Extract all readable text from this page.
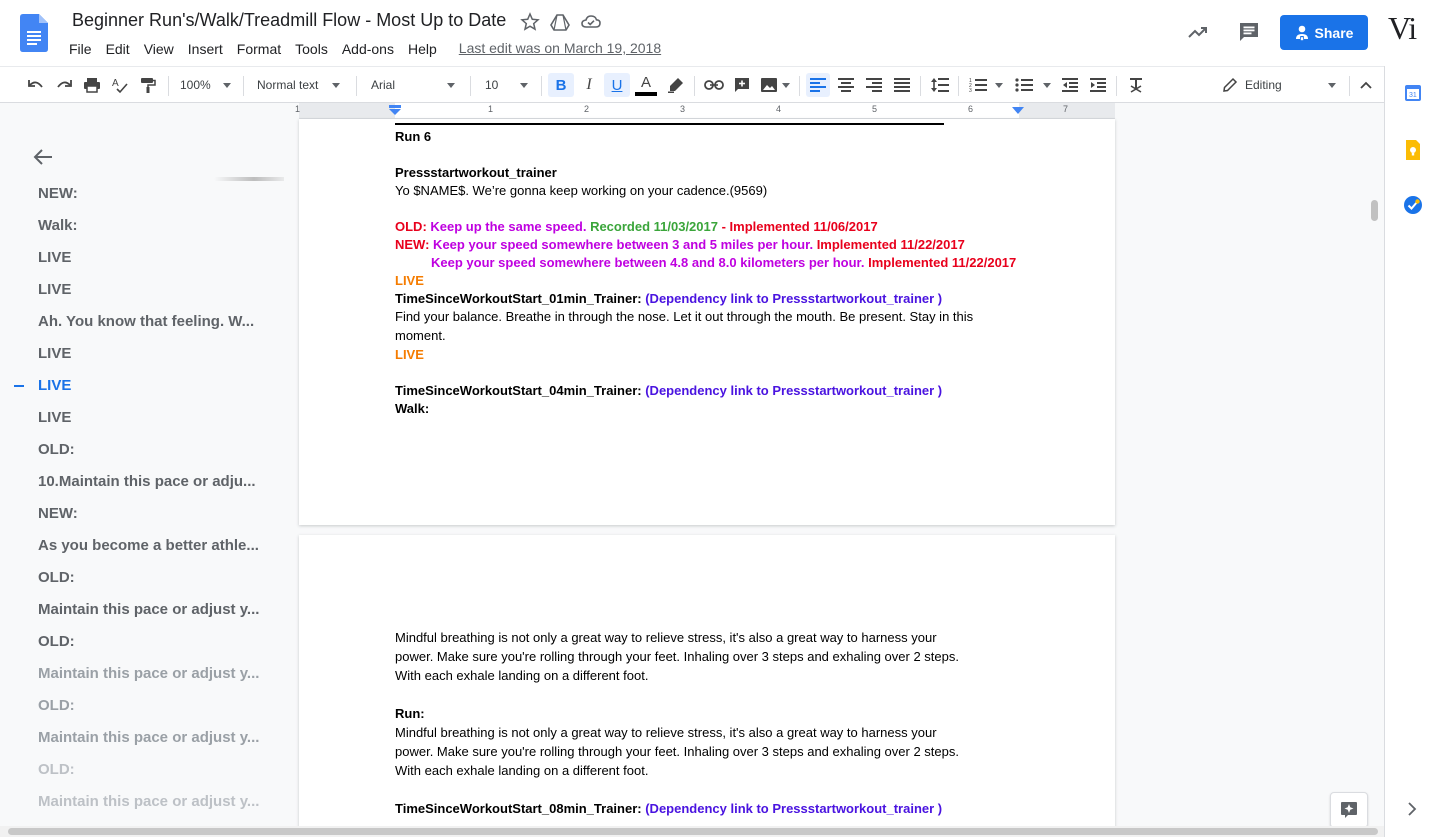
Beginner Run's/Walk/Treadmill Flow - Most Up to Date
File	Edit	View	Insert	Format	Tools	Add-ons	Help	Last edit was on March 19, 2018
Share Vi
A	100%	Normal text	Arial	10	B	I	U	A	1
2
3	Editing
31
1	1	2	3	4	5	6	7
NEW:
Walk:
LIVE
LIVE
Ah. You know that feeling. W...
LIVE
LIVE
LIVE
OLD:
10.Maintain this pace or adju...
NEW:
As you become a better athle...
OLD:
Maintain this pace or adjust y...
OLD:
Maintain this pace or adjust y...
OLD:
Maintain this pace or adjust y...
OLD:
Maintain this pace or adjust y...
Run 6
Pressstartworkout_trainer
Yo $NAME$. We’re gonna keep working on your cadence.(9569)
OLD: Keep up the same speed. Recorded 11/03/2017 - Implemented 11/06/2017
NEW: Keep your speed somewhere between 3 and 5 miles per hour. Implemented 11/22/2017
Keep your speed somewhere between 4.8 and 8.0 kilometers per hour. Implemented 11/22/2017
LIVE
TimeSinceWorkoutStart_01min_Trainer: (Dependency link to Pressstartworkout_trainer )
Find your balance. Breathe in through the nose. Let it out through the mouth. Be present. Stay in this
moment.
LIVE
TimeSinceWorkoutStart_04min_Trainer: (Dependency link to Pressstartworkout_trainer )
Walk:
Mindful breathing is not only a great way to relieve stress, it's also a great way to harness your
power. Make sure you're rolling through your feet. Inhaling over 3 steps and exhaling over 2 steps.
With each exhale landing on a different foot.
Run:
Mindful breathing is not only a great way to relieve stress, it's also a great way to harness your
power. Make sure you're rolling through your feet. Inhaling over 3 steps and exhaling over 2 steps.
With each exhale landing on a different foot.
TimeSinceWorkoutStart_08min_Trainer: (Dependency link to Pressstartworkout_trainer )
